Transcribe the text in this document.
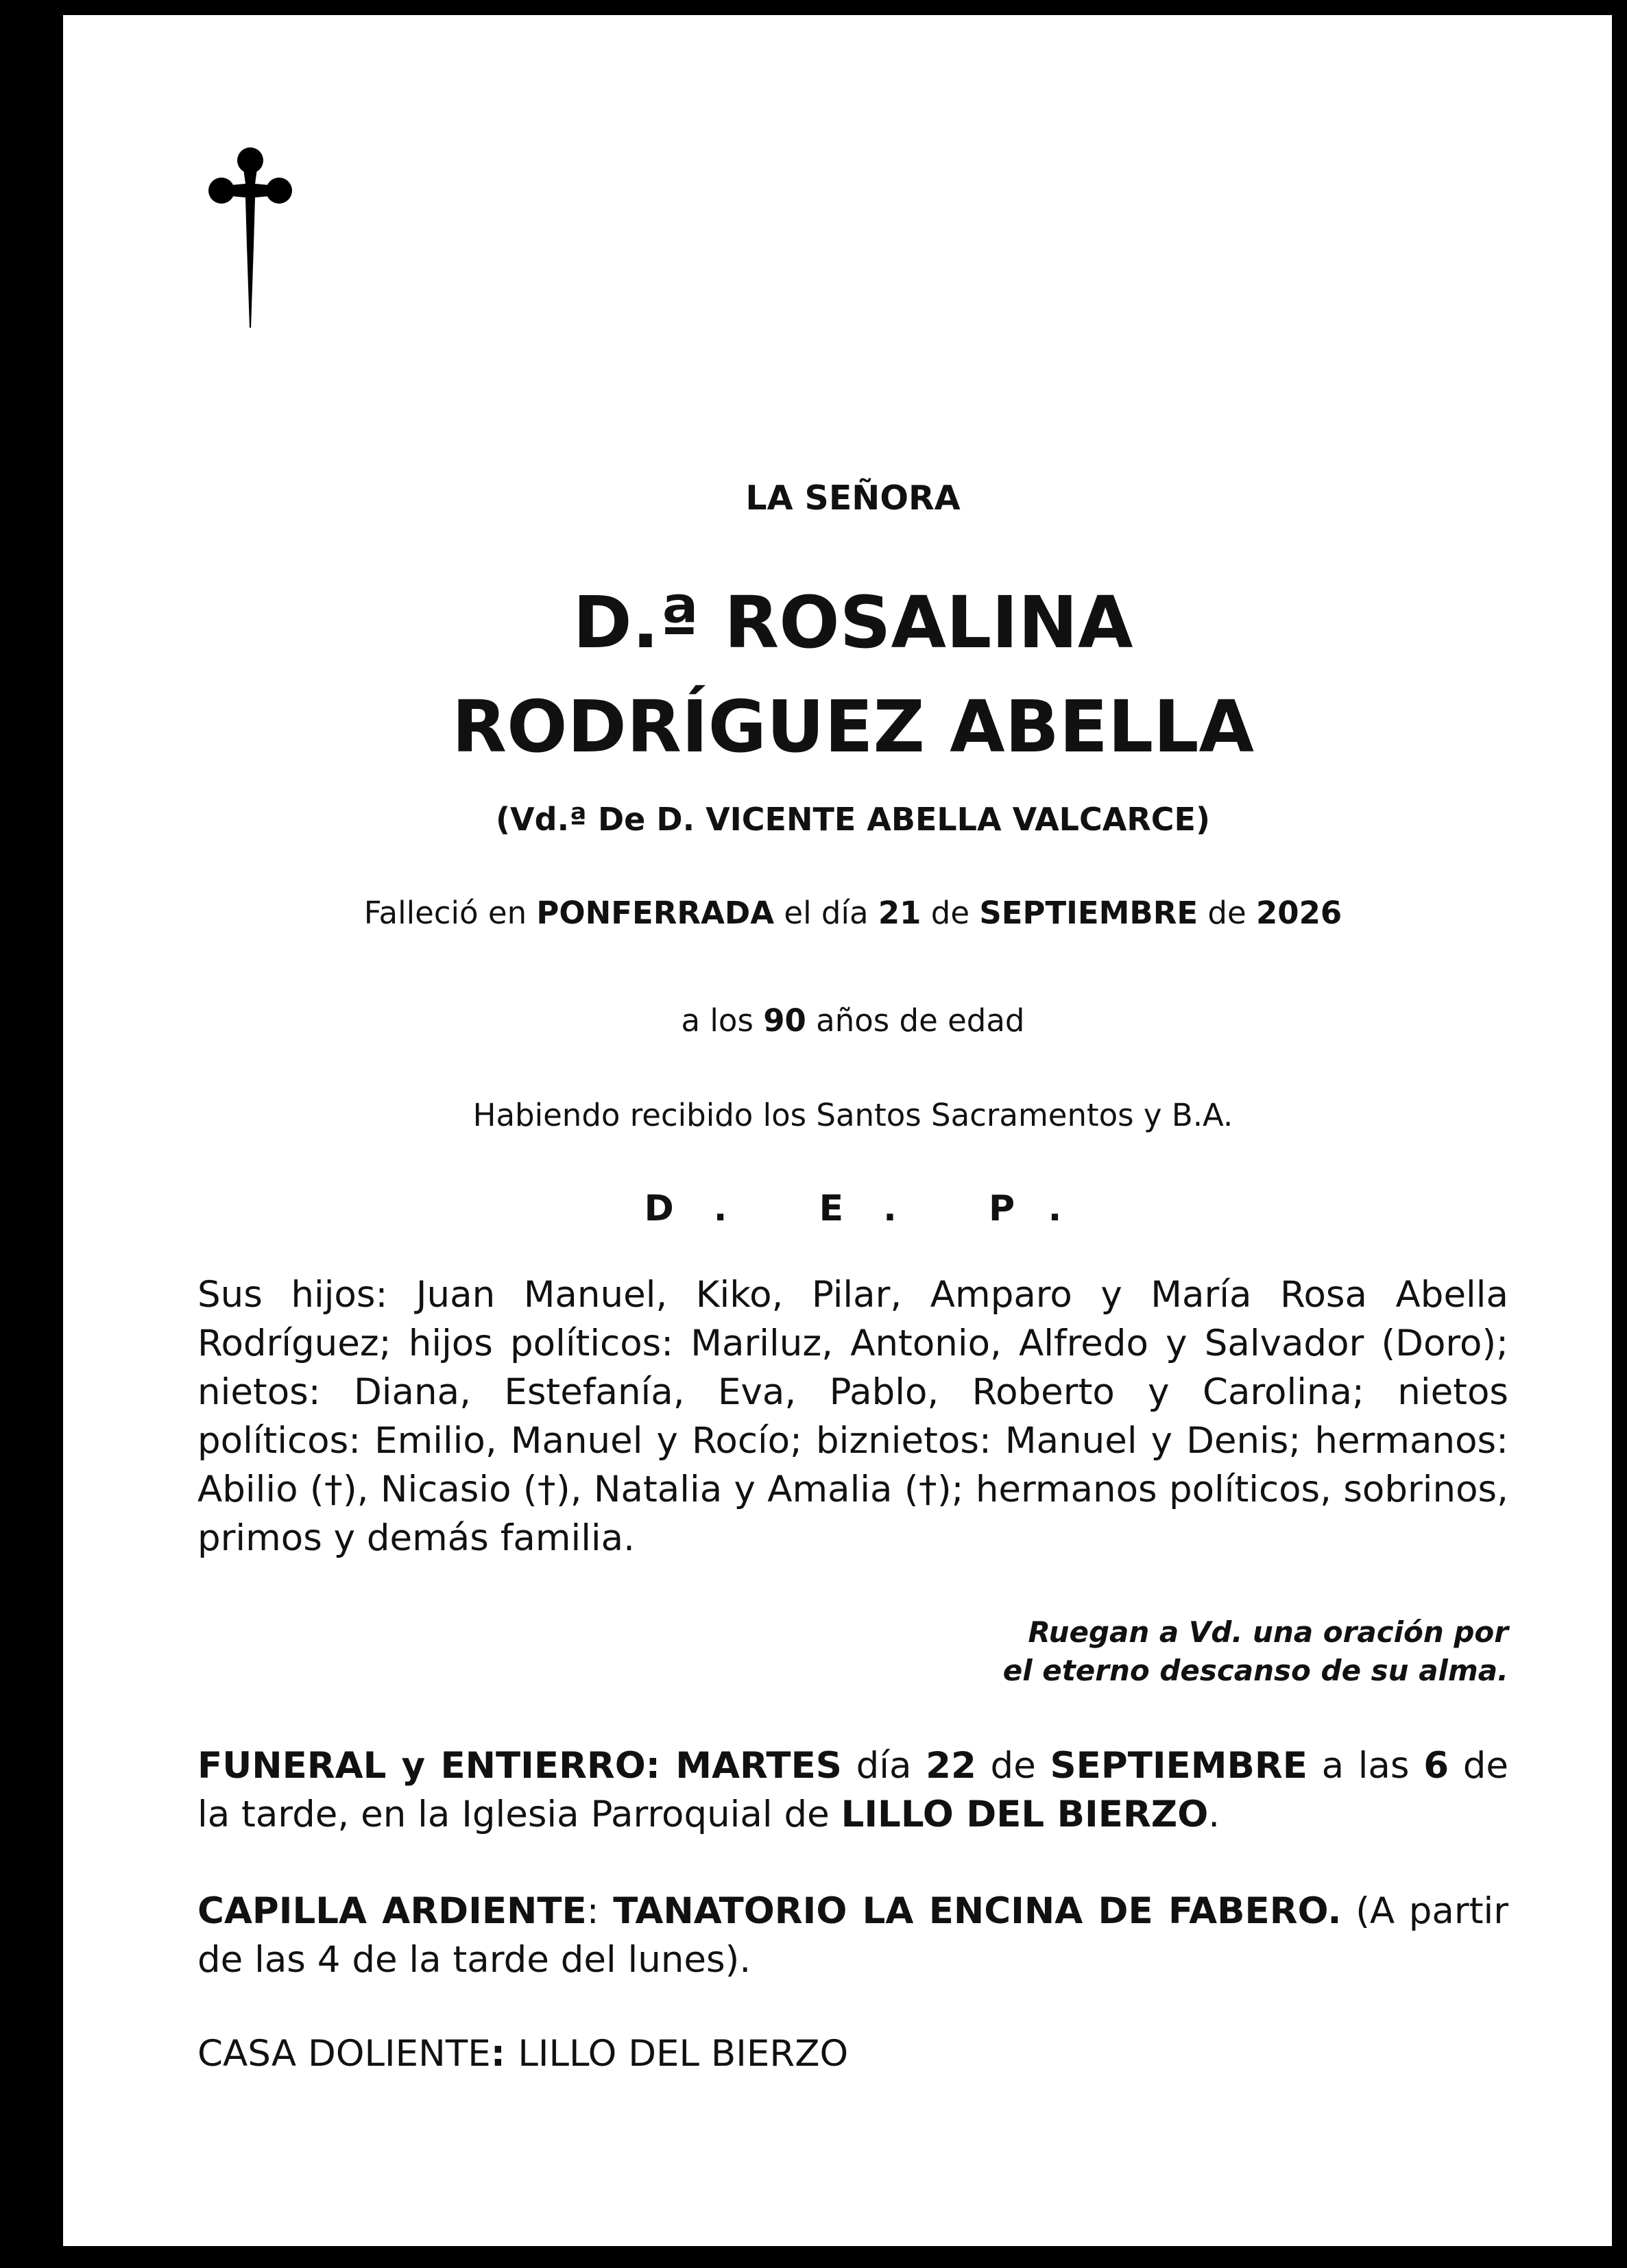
LA SEÑORA
D.ª ROSALINA
RODRÍGUEZ ABELLA
(Vd.ª De D. VICENTE ABELLA VALCARCE)
Falleció en PONFERRADA el día 21 de SEPTIEMBRE de 2026
a los 90 años de edad
Habiendo recibido los Santos Sacramentos y B.A.
D. E. P.
Sus hijos: Juan Manuel, Kiko, Pilar, Amparo y María Rosa Abella Rodríguez; hijos políticos: Mariluz, Antonio, Alfredo y Salvador (Doro); nietos: Diana, Estefanía, Eva, Pablo, Roberto y Carolina; nietos políticos: Emilio, Manuel y Rocío; biznietos: Manuel y Denis; hermanos: Abilio (†), Nicasio (†), Natalia y Amalia (†); hermanos políticos, sobrinos, primos y demás familia.
Ruegan a Vd. una oración por
el eterno descanso de su alma.
FUNERAL y ENTIERRO: MARTES día 22 de SEPTIEMBRE a las 6 de la tarde, en la Iglesia Parroquial de LILLO DEL BIERZO.
CAPILLA ARDIENTE: TANATORIO LA ENCINA DE FABERO. (A partir de las 4 de la tarde del lunes).
CASA DOLIENTE: LILLO DEL BIERZO
